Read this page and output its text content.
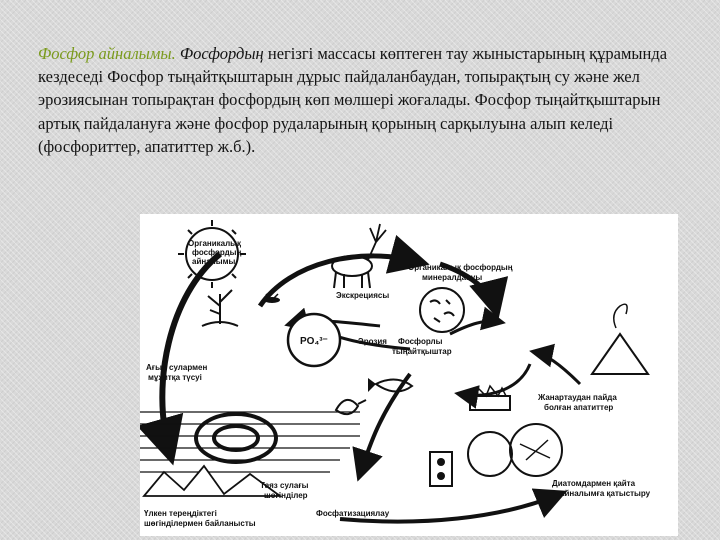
Фосфор айналымы. Фосфордың негізгі массасы көптеген тау жыныстарының құрамында кездеседі Фосфор тыңайтқыштарын дұрыс пайдаланбаудан, топырақтың су және жел эрозиясынан топырақтан фосфордың көп мөлшері жоғалады. Фосфор тыңайтқыштарын артық пайдалануға және фосфор рудаларының қорының сарқылуына алып келеді (фосфориттер, апатиттер ж.б.).
Органикалық
фосфордың
айналымы
Органикалық фосфордың
минералдануы
Экскрециясы
PO₄³⁻	Эрозия Фосфорлы
тыңайтқыштар
Ағын сулармен
мұхитқа түсуі
Жанартаудан пайда
болған апатиттер
Таяз сулағы
шөгінділер
Диатомдармен қайта
айналымға қатыстыру
Үлкен тереңдіктегі
шөгінділермен байланысты
Фосфатизациялау
